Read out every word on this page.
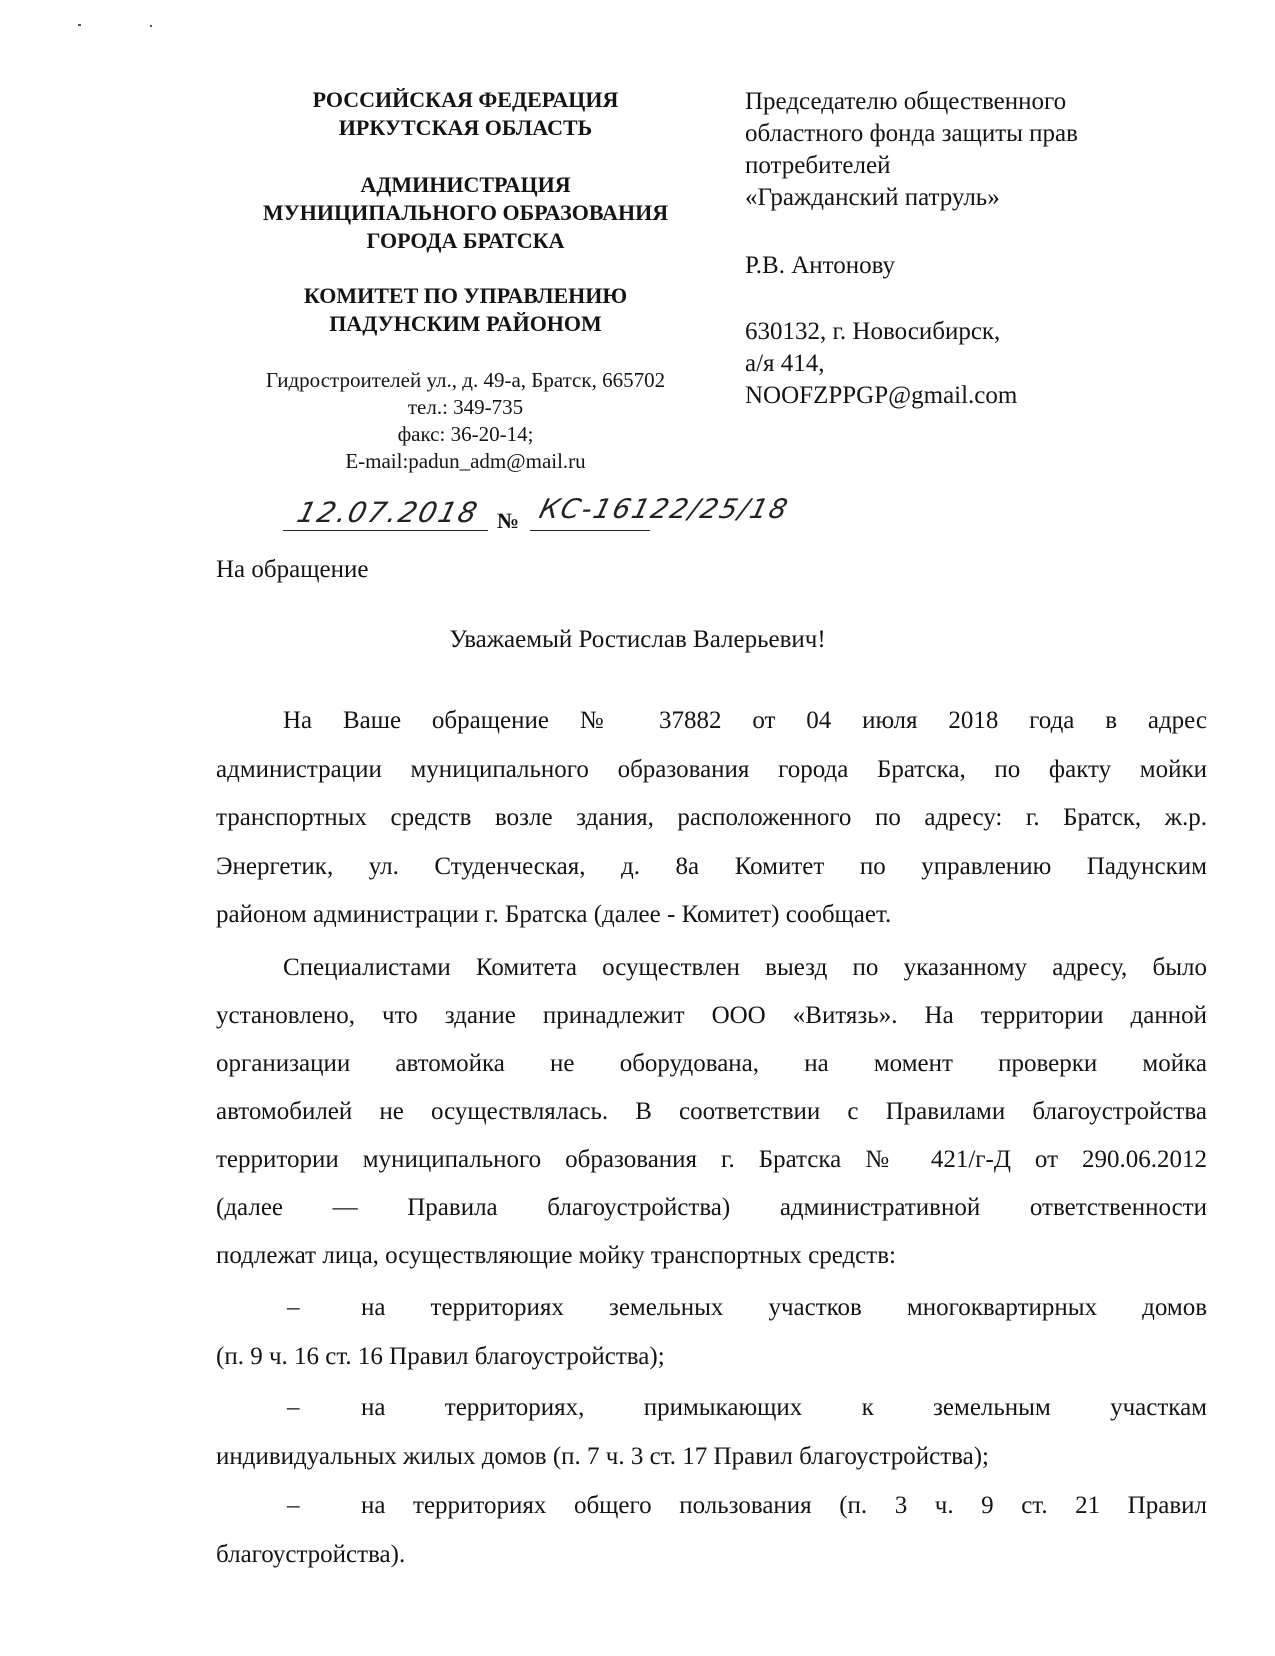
РОССИЙСКАЯ ФЕДЕРАЦИЯ
ИРКУТСКАЯ ОБЛАСТЬ
АДМИНИСТРАЦИЯ
МУНИЦИПАЛЬНОГО ОБРАЗОВАНИЯ
ГОРОДА БРАТСКА
КОМИТЕТ ПО УПРАВЛЕНИЮ
ПАДУНСКИМ РАЙОНОМ
Гидростроителей ул., д. 49-а, Братск, 665702
тел.: 349-735
факс: 36-20-14;
E-mail:padun_adm@mail.ru
Председателю общественного
областного фонда защиты прав
потребителей
«Гражданский патруль»
Р.В. Антонову
630132, г. Новосибирск,
а/я 414,
NOOFZPPGP@gmail.com
12.07.2018 № КС-16122/25/18
На обращение
Уважаемый Ростислав Валерьевич!
На Ваше обращение № 37882 от 04 июля 2018 года в адрес
администрации муниципального образования города Братска, по факту мойки
транспортных средств возле здания, расположенного по адресу: г. Братск, ж.р.
Энергетик, ул. Студенческая, д. 8а Комитет по управлению Падунским
районом администрации г. Братска (далее - Комитет) сообщает.
Специалистами Комитета осуществлен выезд по указанному адресу, было
установлено, что здание принадлежит ООО «Витязь». На территории данной
организации автомойка не оборудована, на момент проверки мойка
автомобилей не осуществлялась. В соответствии с Правилами благоустройства
территории муниципального образования г. Братска № 421/г-Д от 290.06.2012
(далее — Правила благоустройства) административной ответственности
подлежат лица, осуществляющие мойку транспортных средств:
– на территориях земельных участков многоквартирных домов
(п. 9 ч. 16 ст. 16 Правил благоустройства);
– на территориях, примыкающих к земельным участкам
индивидуальных жилых домов (п. 7 ч. 3 ст. 17 Правил благоустройства);
– на территориях общего пользования (п. 3 ч. 9 ст. 21 Правил
благоустройства).
